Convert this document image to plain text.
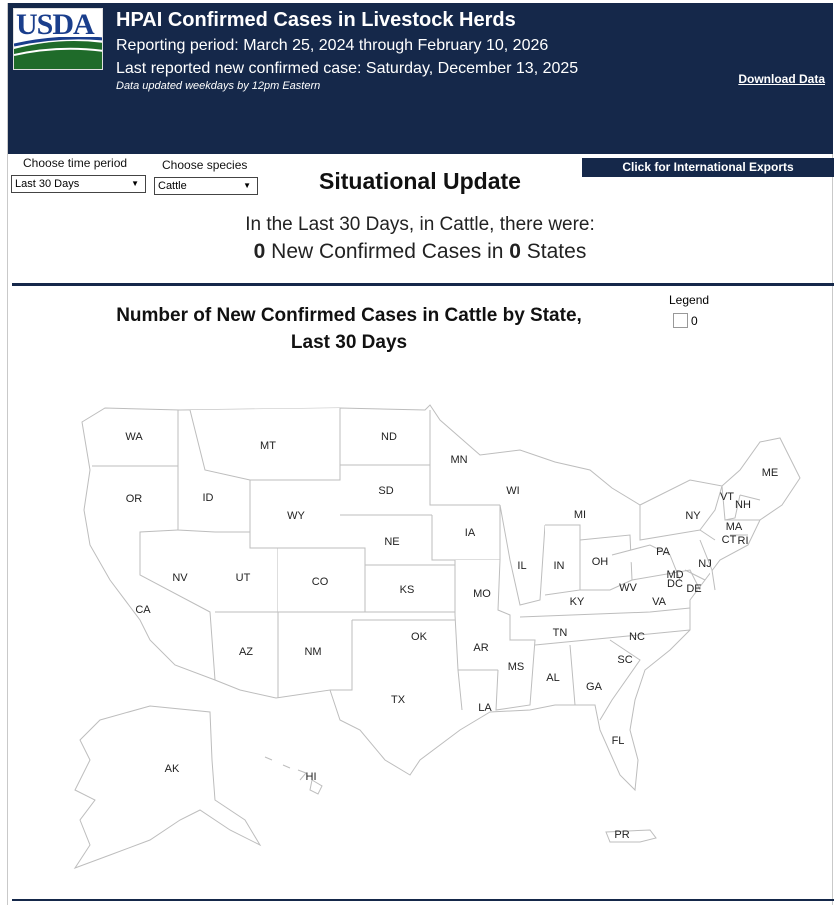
USDA HPAI Confirmed Cases in Livestock Herds
Reporting period: March 25, 2024 through February 10, 2026
Last reported new confirmed case: Saturday, December 13, 2025
Data updated weekdays by 12pm Eastern	Download Data
Choose time period
Last 30 Days	▼
Choose species
Cattle	▼
Click for International Exports
Situational Update
In the Last 30 Days, in Cattle, there were:
0 New Confirmed Cases in 0 States
Number of New Confirmed Cases in Cattle by State,
Last 30 Days
Legend
0
WA
OR
CA
ID
NV
MT
WY
UT
AZ
CO
NM
ND
SD
NE
KS
OK
TX
MN
IA
MO
AR
LA
WI
IL
MI
IN OH
KY
TN
MS
AL
GA
FL
SC
NC
VA
WV
PA
NY
VT
NH
ME
MA
CT RI
NJ
DE
MD
DC
AK
HI
PR
